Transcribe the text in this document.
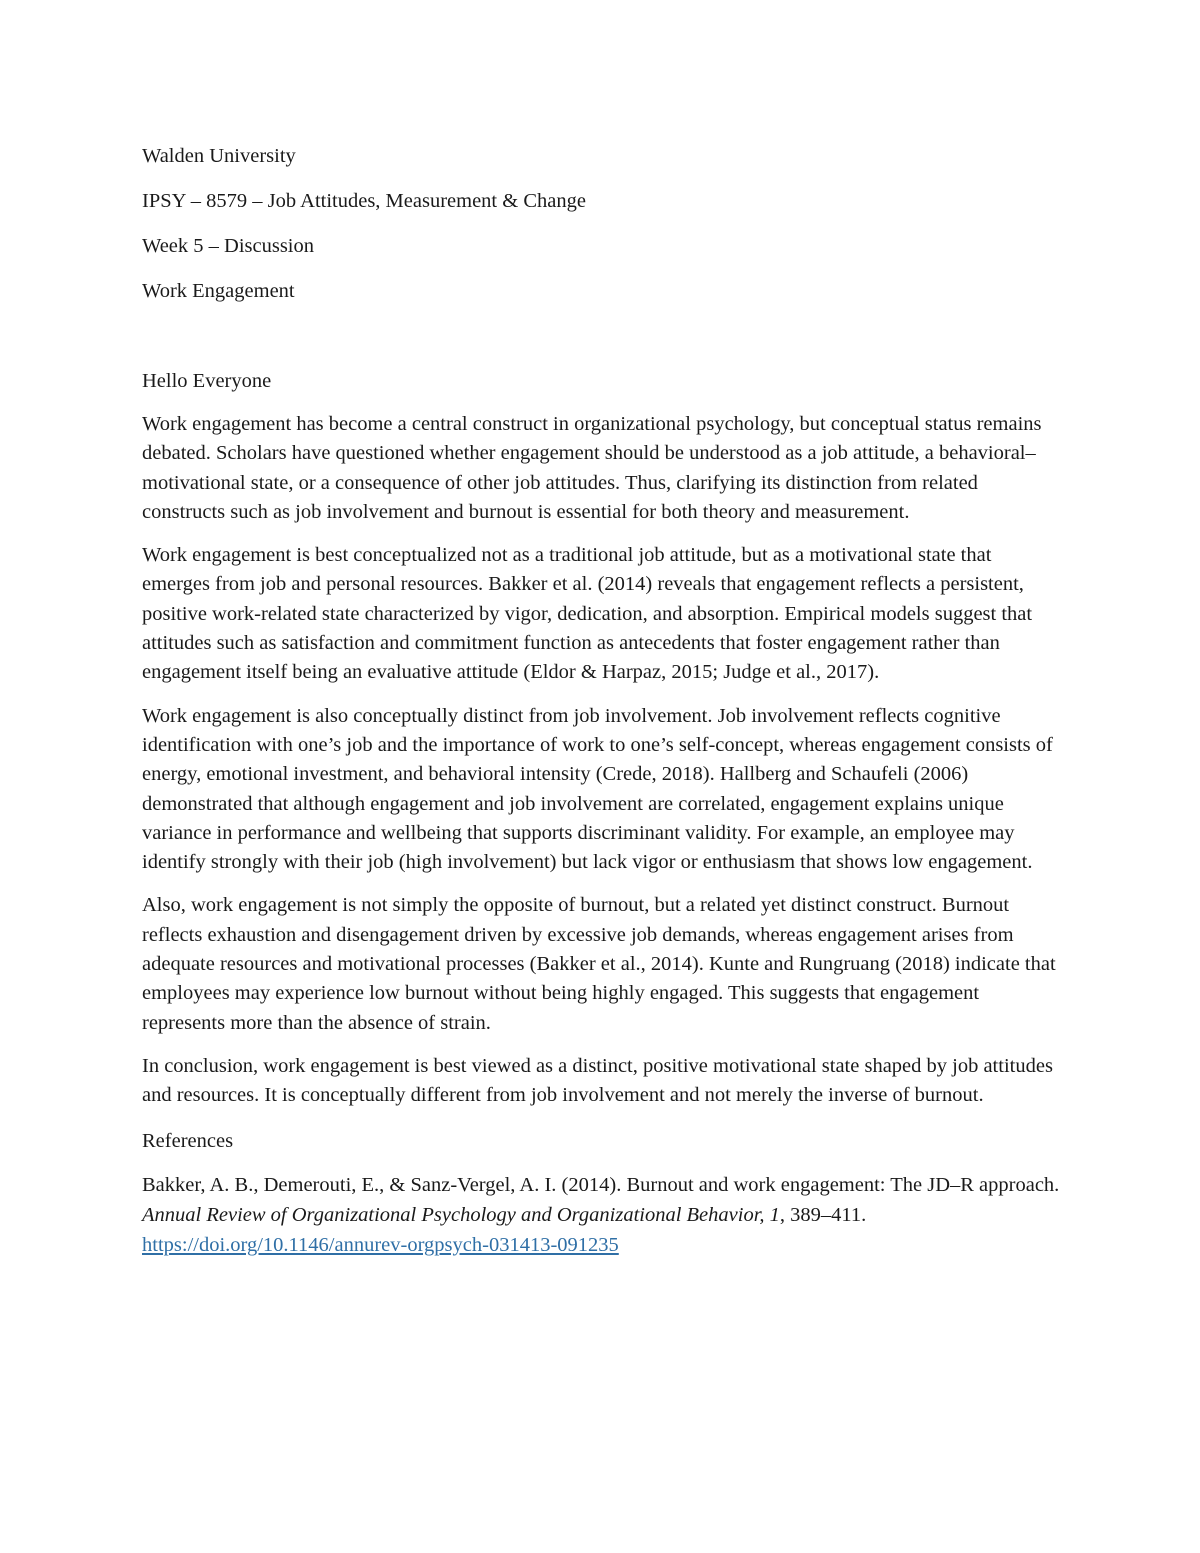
Walden University

IPSY – 8579 – Job Attitudes, Measurement & Change

Week 5 – Discussion

Work Engagement

Hello Everyone

Work engagement has become a central construct in organizational psychology, but conceptual status remains debated. Scholars have questioned whether engagement should be understood as a job attitude, a behavioral–motivational state, or a consequence of other job attitudes. Thus, clarifying its distinction from related constructs such as job involvement and burnout is essential for both theory and measurement.

Work engagement is best conceptualized not as a traditional job attitude, but as a motivational state that emerges from job and personal resources. Bakker et al. (2014) reveals that engagement reflects a persistent, positive work-related state characterized by vigor, dedication, and absorption. Empirical models suggest that attitudes such as satisfaction and commitment function as antecedents that foster engagement rather than engagement itself being an evaluative attitude (Eldor & Harpaz, 2015; Judge et al., 2017).

Work engagement is also conceptually distinct from job involvement. Job involvement reflects cognitive identification with one’s job and the importance of work to one’s self-concept, whereas engagement consists of energy, emotional investment, and behavioral intensity (Crede, 2018). Hallberg and Schaufeli (2006) demonstrated that although engagement and job involvement are correlated, engagement explains unique variance in performance and wellbeing that supports discriminant validity. For example, an employee may identify strongly with their job (high involvement) but lack vigor or enthusiasm that shows low engagement.

Also, work engagement is not simply the opposite of burnout, but a related yet distinct construct. Burnout reflects exhaustion and disengagement driven by excessive job demands, whereas engagement arises from adequate resources and motivational processes (Bakker et al., 2014). Kunte and Rungruang (2018) indicate that employees may experience low burnout without being highly engaged. This suggests that engagement represents more than the absence of strain.

In conclusion, work engagement is best viewed as a distinct, positive motivational state shaped by job attitudes and resources. It is conceptually different from job involvement and not merely the inverse of burnout.

References

Bakker, A. B., Demerouti, E., & Sanz-Vergel, A. I. (2014). Burnout and work engagement: The JD–R approach. Annual Review of Organizational Psychology and Organizational Behavior, 1, 389–411. https://doi.org/10.1146/annurev-orgpsych-031413-091235
